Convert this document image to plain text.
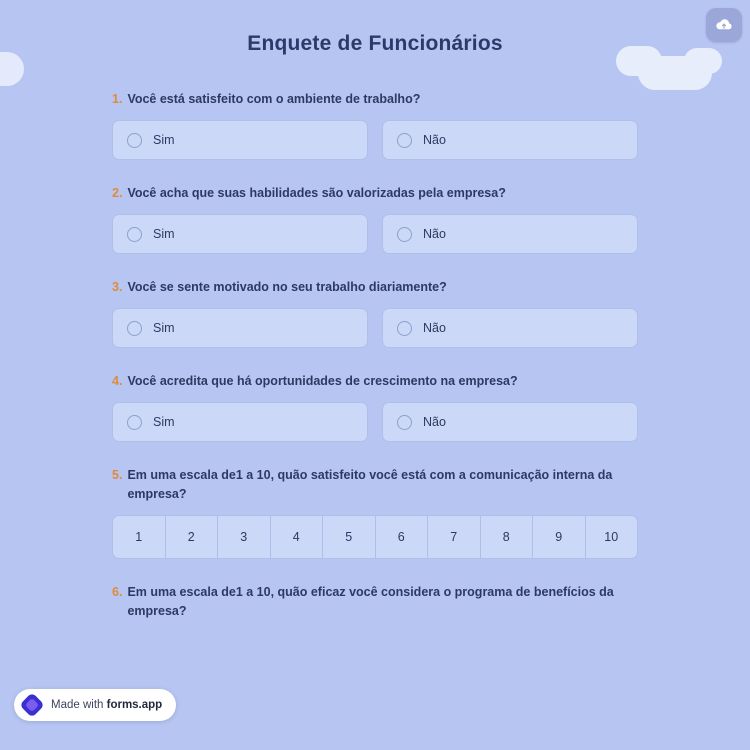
Enquete de Funcionários
1. Você está satisfeito com o ambiente de trabalho?
Sim	Não
2. Você acha que suas habilidades são valorizadas pela empresa?
Sim	Não
3. Você se sente motivado no seu trabalho diariamente?
Sim	Não
4. Você acredita que há oportunidades de crescimento na empresa?
Sim	Não
5. Em uma escala de1 a 10, quão satisfeito você está com a comunicação interna da empresa?
1	2	3	4	5	6	7	8	9	10
6. Em uma escala de1 a 10, quão eficaz você considera o programa de benefícios da empresa?
Made with forms.app
